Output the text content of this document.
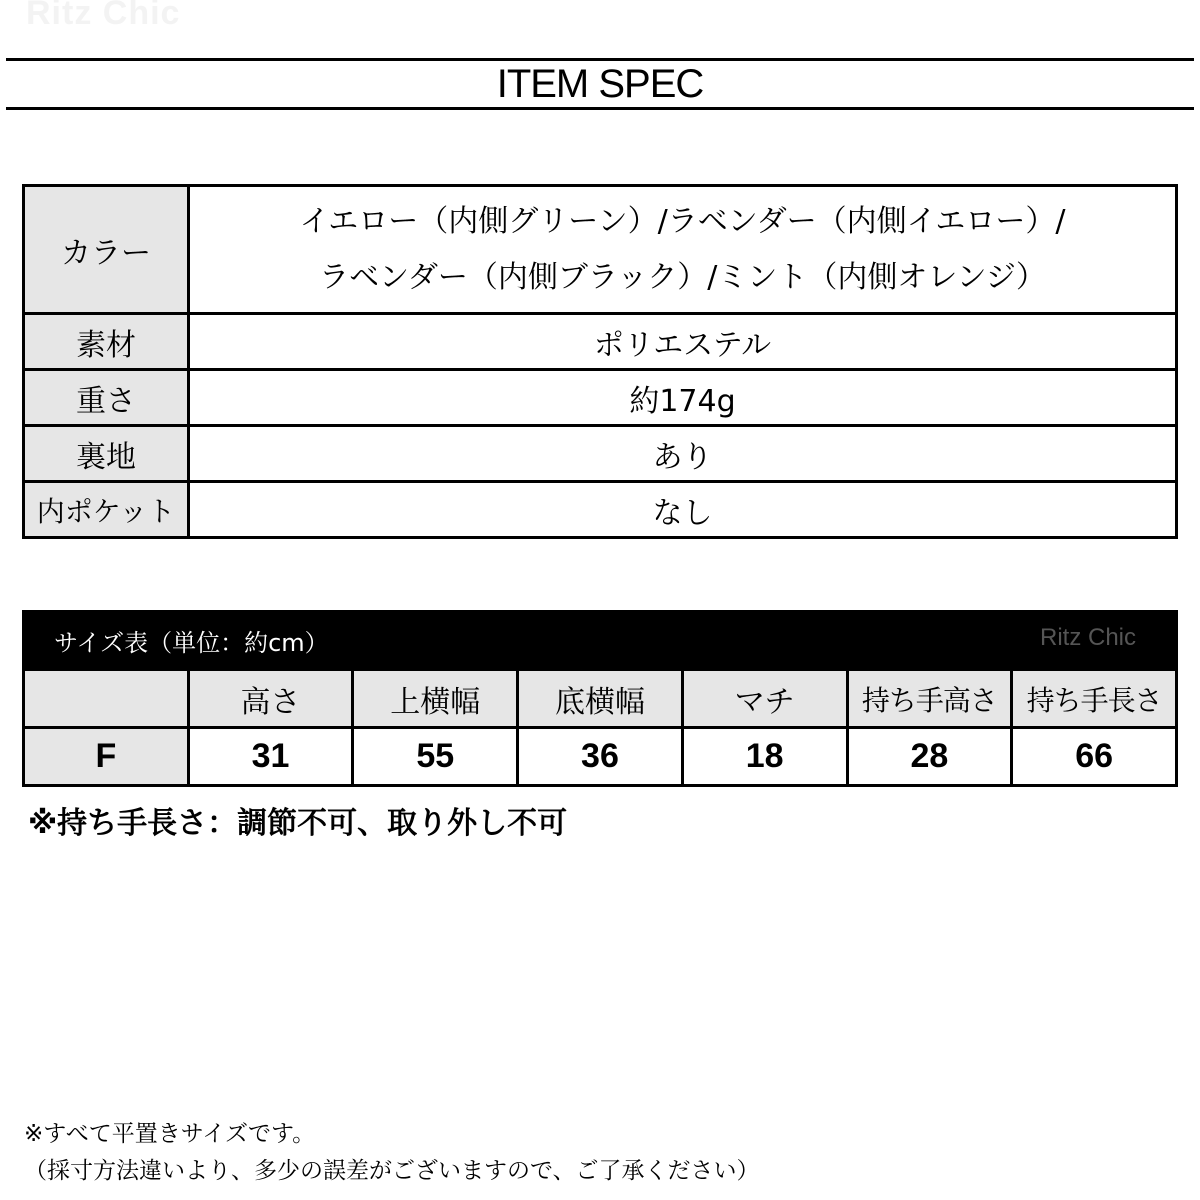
Ritz Chic
ITEM SPEC
カラー	イエロー（内側グリーン）/ラベンダー（内側イエロー）/
ラベンダー（内側ブラック）/ミント（内側オレンジ）

素材	ポリエステル
重さ	約174g
裏地	あり
内ポケット	なし
サイズ表（単位：約cm）	Ritz Chic
	高さ	上横幅	底横幅	マチ	持ち手高さ	持ち手長さ
F	31	55	36	18	28	66
※持ち手長さ：調節不可、取り外し不可
※すべて平置きサイズです。
（採寸方法違いより、多少の誤差がございますので、ご了承ください）
